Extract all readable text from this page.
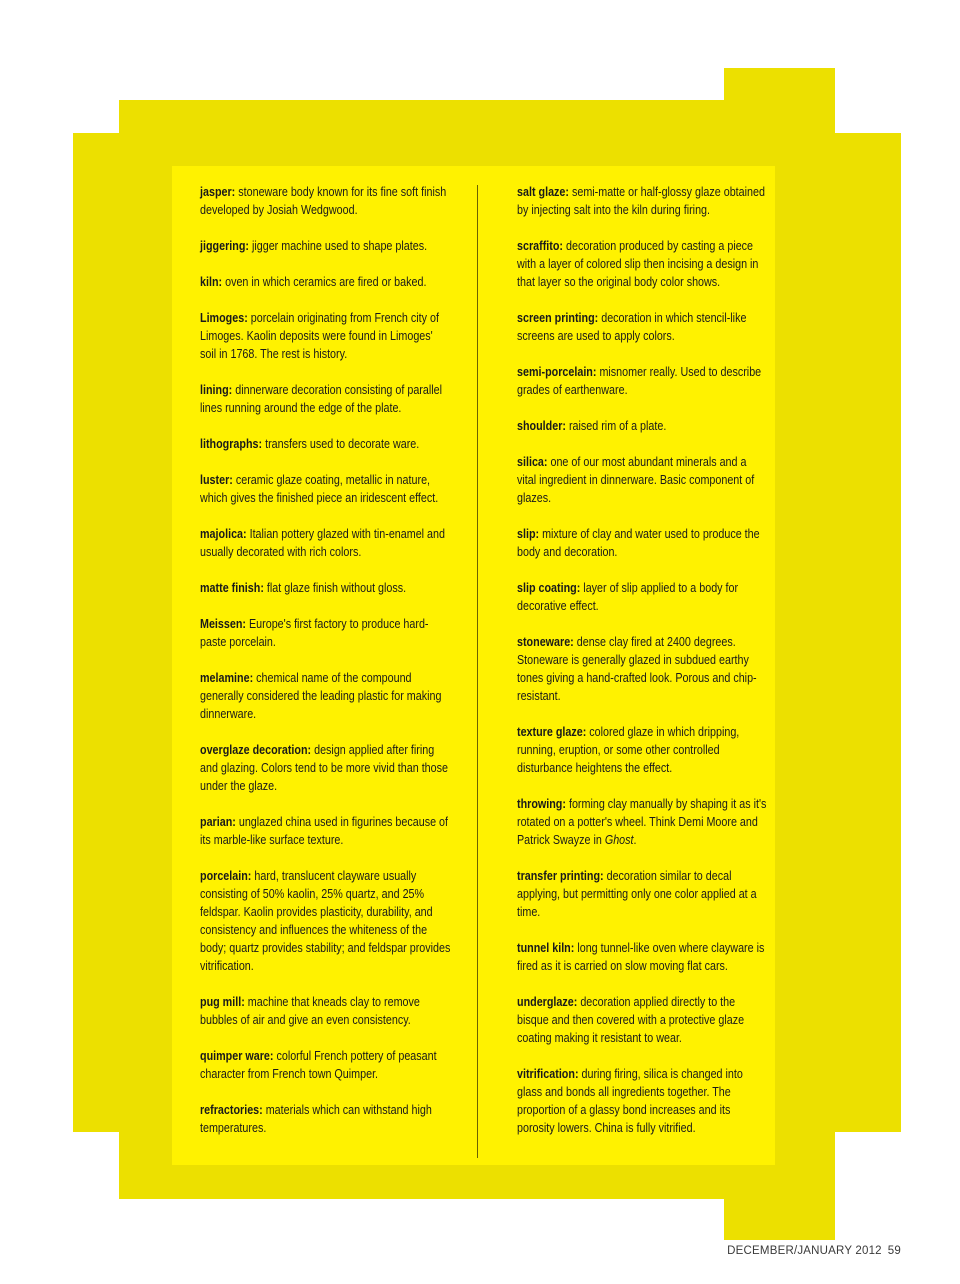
jasper: stoneware body known for its fine soft finish developed by Josiah Wedgwood.

jiggering: jigger machine used to shape plates.

kiln: oven in which ceramics are fired or baked.

Limoges: porcelain originating from French city of Limoges. Kaolin deposits were found in Limoges' soil in 1768. The rest is history.

lining: dinnerware decoration consisting of parallel lines running around the edge of the plate.

lithographs: transfers used to decorate ware.

luster: ceramic glaze coating, metallic in nature, which gives the finished piece an iridescent effect.

majolica: Italian pottery glazed with tin-enamel and usually decorated with rich colors.

matte finish: flat glaze finish without gloss.

Meissen: Europe's first factory to produce hard-paste porcelain.

melamine: chemical name of the compound generally considered the leading plastic for making dinnerware.

overglaze decoration: design applied after firing and glazing. Colors tend to be more vivid than those under the glaze.

parian: unglazed china used in figurines because of its marble-like surface texture.

porcelain: hard, translucent clayware usually consisting of 50% kaolin, 25% quartz, and 25% feldspar. Kaolin provides plasticity, durability, and consistency and influences the whiteness of the body; quartz provides stability; and feldspar provides vitrification.

pug mill: machine that kneads clay to remove bubbles of air and give an even consistency.

quimper ware: colorful French pottery of peasant character from French town Quimper.

refractories: materials which can withstand high temperatures.

salt glaze: semi-matte or half-glossy glaze obtained by injecting salt into the kiln during firing.

scraffito: decoration produced by casting a piece with a layer of colored slip then incising a design in that layer so the original body color shows.

screen printing: decoration in which stencil-like screens are used to apply colors.

semi-porcelain: misnomer really. Used to describe grades of earthenware.

shoulder: raised rim of a plate.

silica: one of our most abundant minerals and a vital ingredient in dinnerware. Basic component of glazes.

slip: mixture of clay and water used to produce the body and decoration.

slip coating: layer of slip applied to a body for decorative effect.

stoneware: dense clay fired at 2400 degrees. Stoneware is generally glazed in subdued earthy tones giving a hand-crafted look. Porous and chip-resistant.

texture glaze: colored glaze in which dripping, running, eruption, or some other controlled disturbance heightens the effect.

throwing: forming clay manually by shaping it as it's rotated on a potter's wheel. Think Demi Moore and Patrick Swayze in Ghost.

transfer printing: decoration similar to decal applying, but permitting only one color applied at a time.

tunnel kiln: long tunnel-like oven where clayware is fired as it is carried on slow moving flat cars.

underglaze: decoration applied directly to the bisque and then covered with a protective glaze coating making it resistant to wear.

vitrification: during firing, silica is changed into glass and bonds all ingredients together. The proportion of a glassy bond increases and its porosity lowers. China is fully vitrified.

DECEMBER/JANUARY 2012 59
